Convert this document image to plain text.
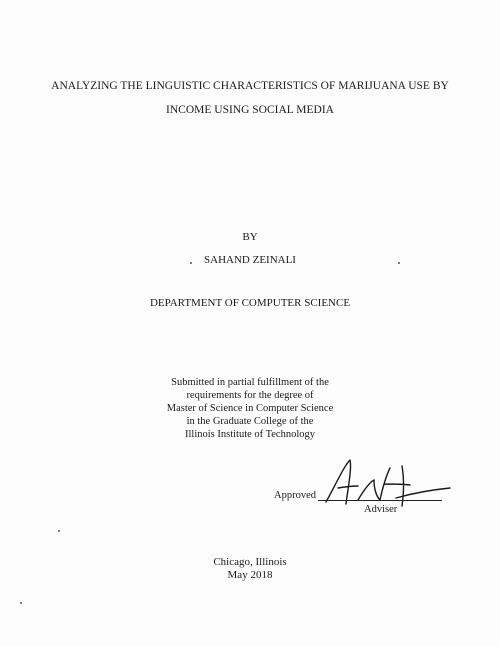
ANALYZING THE LINGUISTIC CHARACTERISTICS OF MARIJUANA USE BY
INCOME USING SOCIAL MEDIA
BY
SAHAND ZEINALI
DEPARTMENT OF COMPUTER SCIENCE
Submitted in partial fulfillment of the
requirements for the degree of
Master of Science in Computer Science
in the Graduate College of the
Illinois Institute of Technology
Approved
Adviser
Chicago, Illinois
May 2018
